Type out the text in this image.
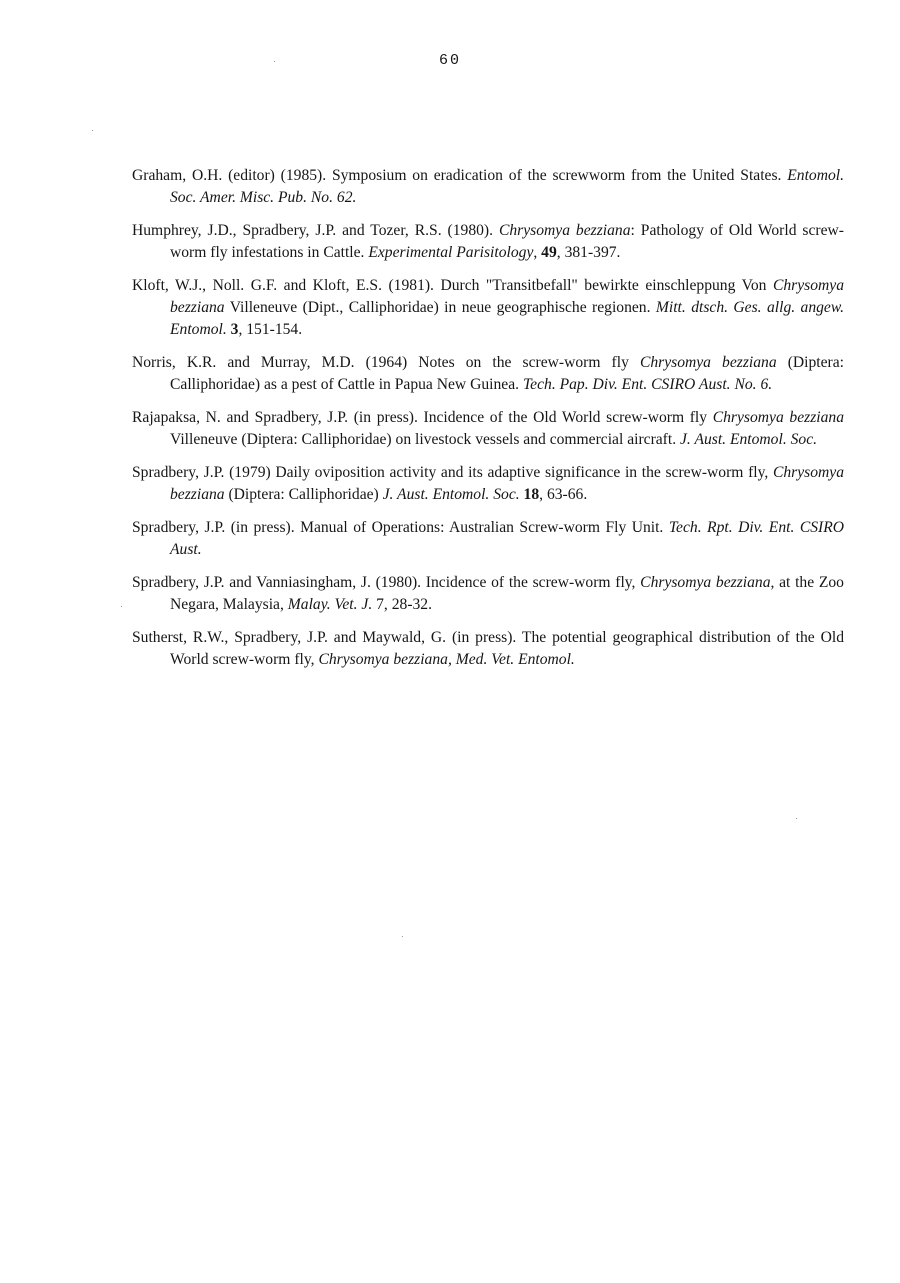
60

Graham, O.H. (editor) (1985). Symposium on eradication of the screwworm from the United States. Entomol. Soc. Amer. Misc. Pub. No. 62.

Humphrey, J.D., Spradbery, J.P. and Tozer, R.S. (1980). Chrysomya bezziana: Pathology of Old World screw-worm fly infestations in Cattle. Experimental Parisitology, 49, 381-397.

Kloft, W.J., Noll. G.F. and Kloft, E.S. (1981). Durch "Transitbefall" bewirkte einschleppung Von Chrysomya bezziana Villeneuve (Dipt., Calliphoridae) in neue geographische regionen. Mitt. dtsch. Ges. allg. angew. Entomol. 3, 151-154.

Norris, K.R. and Murray, M.D. (1964) Notes on the screw-worm fly Chrysomya bezziana (Diptera: Calliphoridae) as a pest of Cattle in Papua New Guinea. Tech. Pap. Div. Ent. CSIRO Aust. No. 6.

Rajapaksa, N. and Spradbery, J.P. (in press). Incidence of the Old World screw-worm fly Chrysomya bezziana Villeneuve (Diptera: Calliphoridae) on livestock vessels and commercial aircraft. J. Aust. Entomol. Soc.

Spradbery, J.P. (1979) Daily oviposition activity and its adaptive significance in the screw-worm fly, Chrysomya bezziana (Diptera: Calliphoridae) J. Aust. Entomol. Soc. 18, 63-66.

Spradbery, J.P. (in press). Manual of Operations: Australian Screw-worm Fly Unit. Tech. Rpt. Div. Ent. CSIRO Aust.

Spradbery, J.P. and Vanniasingham, J. (1980). Incidence of the screw-worm fly, Chrysomya bezziana, at the Zoo Negara, Malaysia, Malay. Vet. J. 7, 28-32.

Sutherst, R.W., Spradbery, J.P. and Maywald, G. (in press). The potential geographical distribution of the Old World screw-worm fly, Chrysomya bezziana, Med. Vet. Entomol.
